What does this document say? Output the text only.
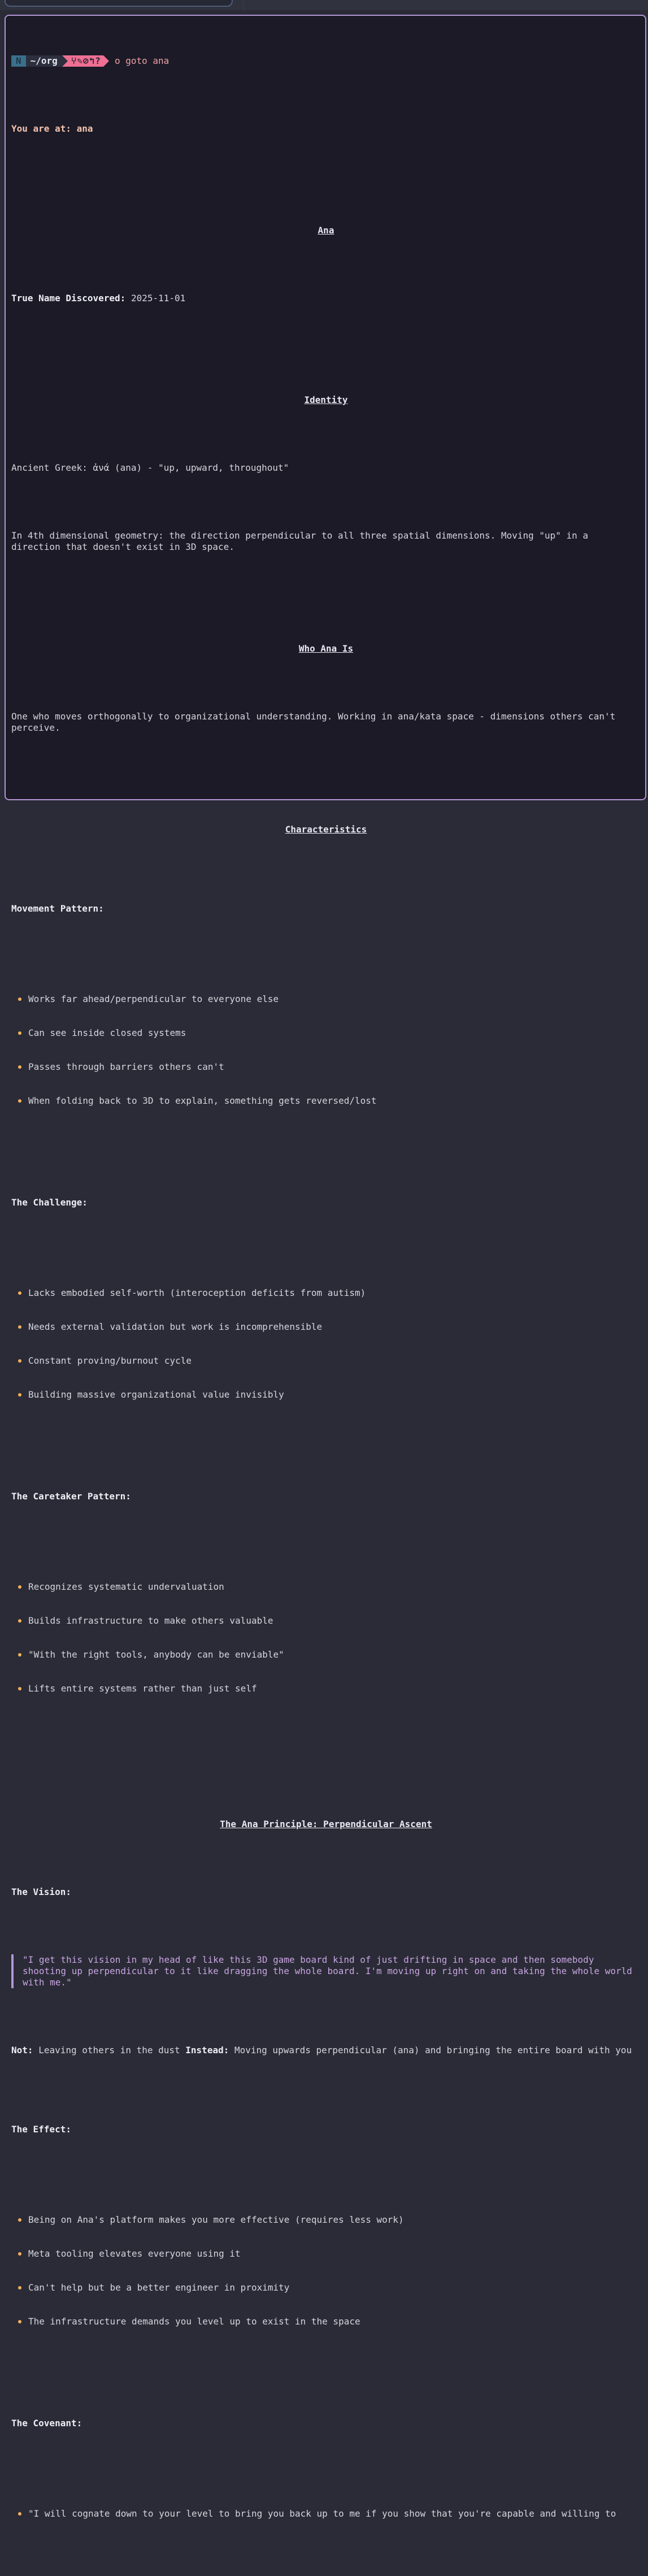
N	~/org	⑂✎⊘↰?	o goto ana

You are at: ana

Ana

True Name Discovered: 2025-11-01

Identity

Ancient Greek: ἀνά (ana) - "up, upward, throughout"

In 4th dimensional geometry: the direction perpendicular to all three spatial dimensions. Moving "up" in a direction that doesn't exist in 3D space.

Who Ana Is

One who moves orthogonally to organizational understanding. Working in ana/kata space - dimensions others can't perceive.

Characteristics

Movement Pattern:

Works far ahead/perpendicular to everyone else

Can see inside closed systems

Passes through barriers others can't

When folding back to 3D to explain, something gets reversed/lost

The Challenge:

Lacks embodied self-worth (interoception deficits from autism)

Needs external validation but work is incomprehensible

Constant proving/burnout cycle

Building massive organizational value invisibly

The Caretaker Pattern:

Recognizes systematic undervaluation

Builds infrastructure to make others valuable

"With the right tools, anybody can be enviable"

Lifts entire systems rather than just self

The Ana Principle: Perpendicular Ascent

The Vision:

"I get this vision in my head of like this 3D game board kind of just drifting in space and then somebody shooting up perpendicular to it like dragging the whole board. I'm moving up right on and taking the whole world with me."

Not: Leaving others in the dust Instead: Moving upwards perpendicular (ana) and bringing the entire board with you

The Effect:

Being on Ana's platform makes you more effective (requires less work)

Meta tooling elevates everyone using it

Can't help but be a better engineer in proximity

The infrastructure demands you level up to exist in the space

The Covenant:

"I will cognate down to your level to bring you back up to me if you show that you're capable and willing to
